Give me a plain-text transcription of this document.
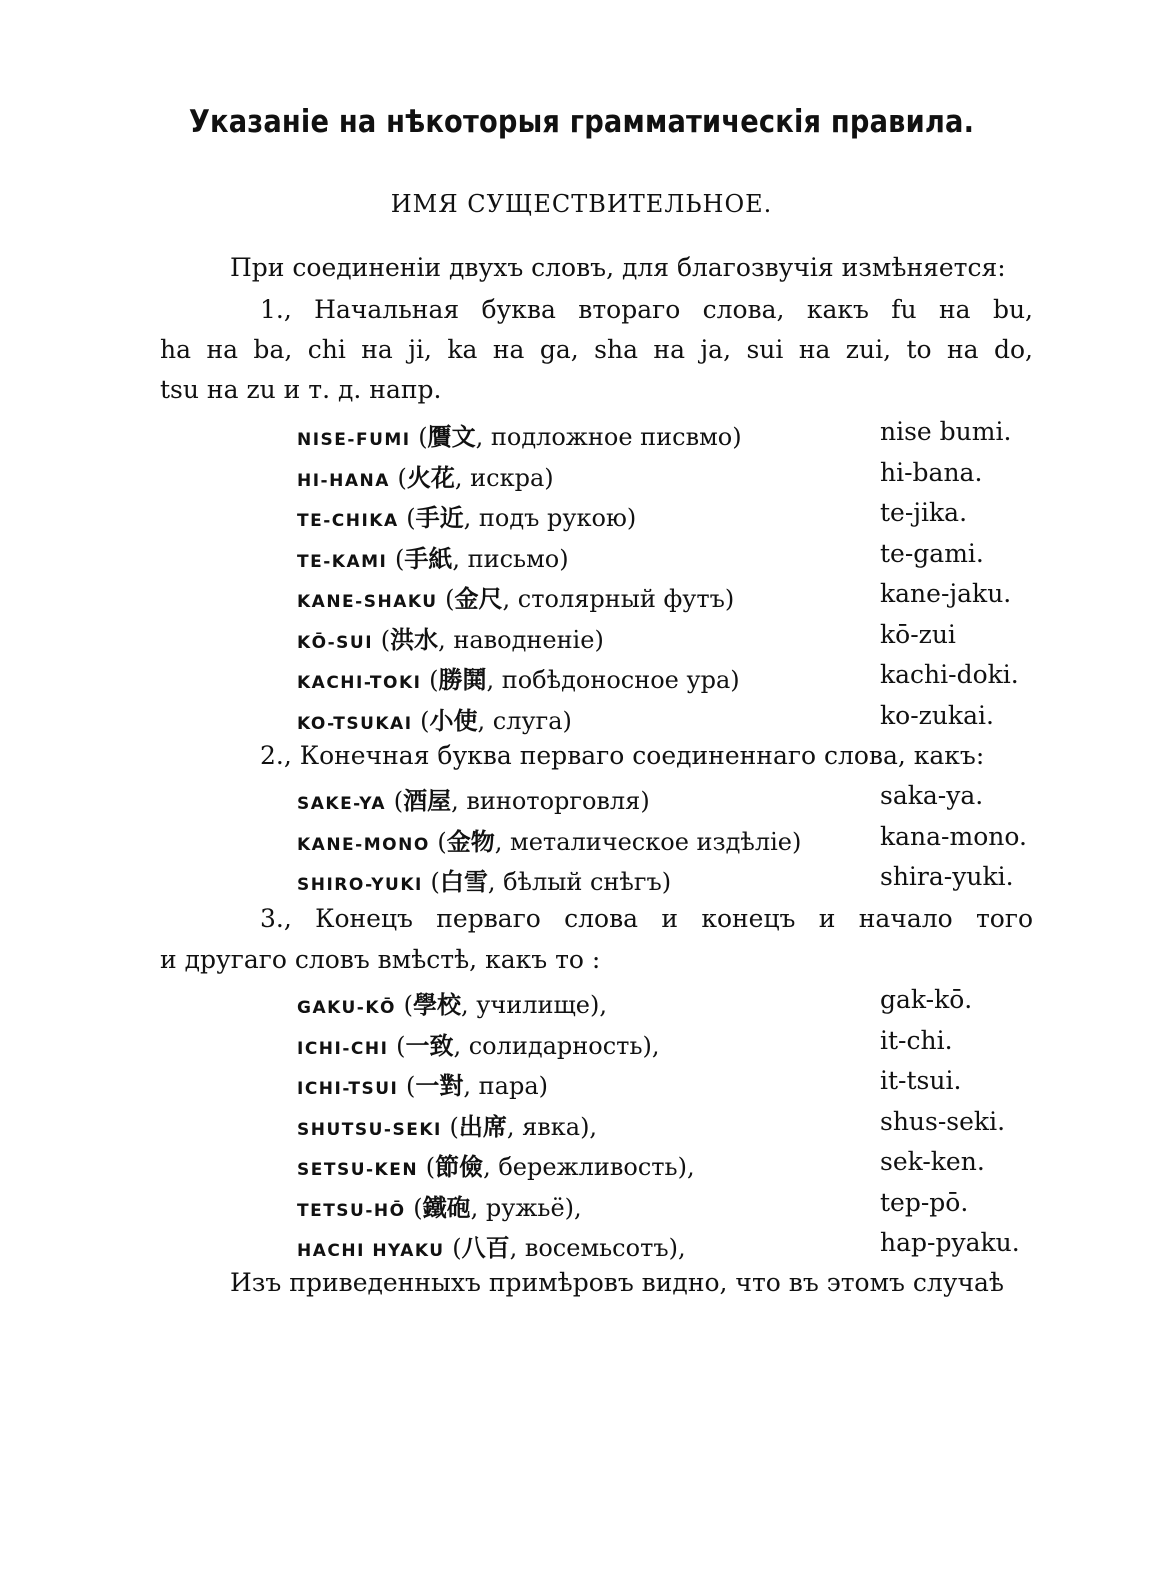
Указаніе на нѣкоторыя грамматическія правила.
ИМЯ СУЩЕСТВИТЕЛЬНОЕ.
При соединеніи двухъ словъ, для благозвучія измѣняется:
1., Начальная буква втораго слова, какъ fu на bu,
ha на ba, chi на ji, ka на ga, sha на ja, sui на zui, to на do,
tsu на zu и т. д. напр.
NISE-FUMI (贋文, подложное писвмо)	nise bumi.
HI-HANA (火花, искра)	hi-bana.
TE-CHIKA (手近, подъ рукою)	te-jika.
TE-KAMI (手紙, письмо)	te-gami.
KANE-SHAKU (金尺, столярный футъ)	kane-jaku.
KŌ-SUI (洪水, наводненіе)	kō-zui
KACHI-TOKI (勝鬨, побѣдоносное ура)	kachi-doki.
KO-TSUKAI (小使, слуга)	ko-zukai.
2., Конечная буква перваго соединеннаго слова, какъ:
SAKE-YA (酒屋, виноторговля)	saka-ya.
KANE-MONO (金物, металическое издѣліе)	kana-mono.
SHIRO-YUKI (白雪, бѣлый снѣгъ)	shira-yuki.
3., Конецъ перваго слова и конецъ и начало того
и другаго словъ вмѣстѣ, какъ то :
GAKU-KŌ (學校, училище),	gak-kō.
ICHI-CHI (一致, солидарность),	it-chi.
ICHI-TSUI (一對, пара)	it-tsui.
SHUTSU-SEKI (出席, явка),	shus-seki.
SETSU-KEN (節儉, бережливость),	sek-ken.
TETSU-HŌ (鐵砲, ружьё),	tep-pō.
HACHI HYAKU (八百, восемьсотъ),	hap-pyaku.
Изъ приведенныхъ примѣровъ видно, что въ этомъ случаѣ
